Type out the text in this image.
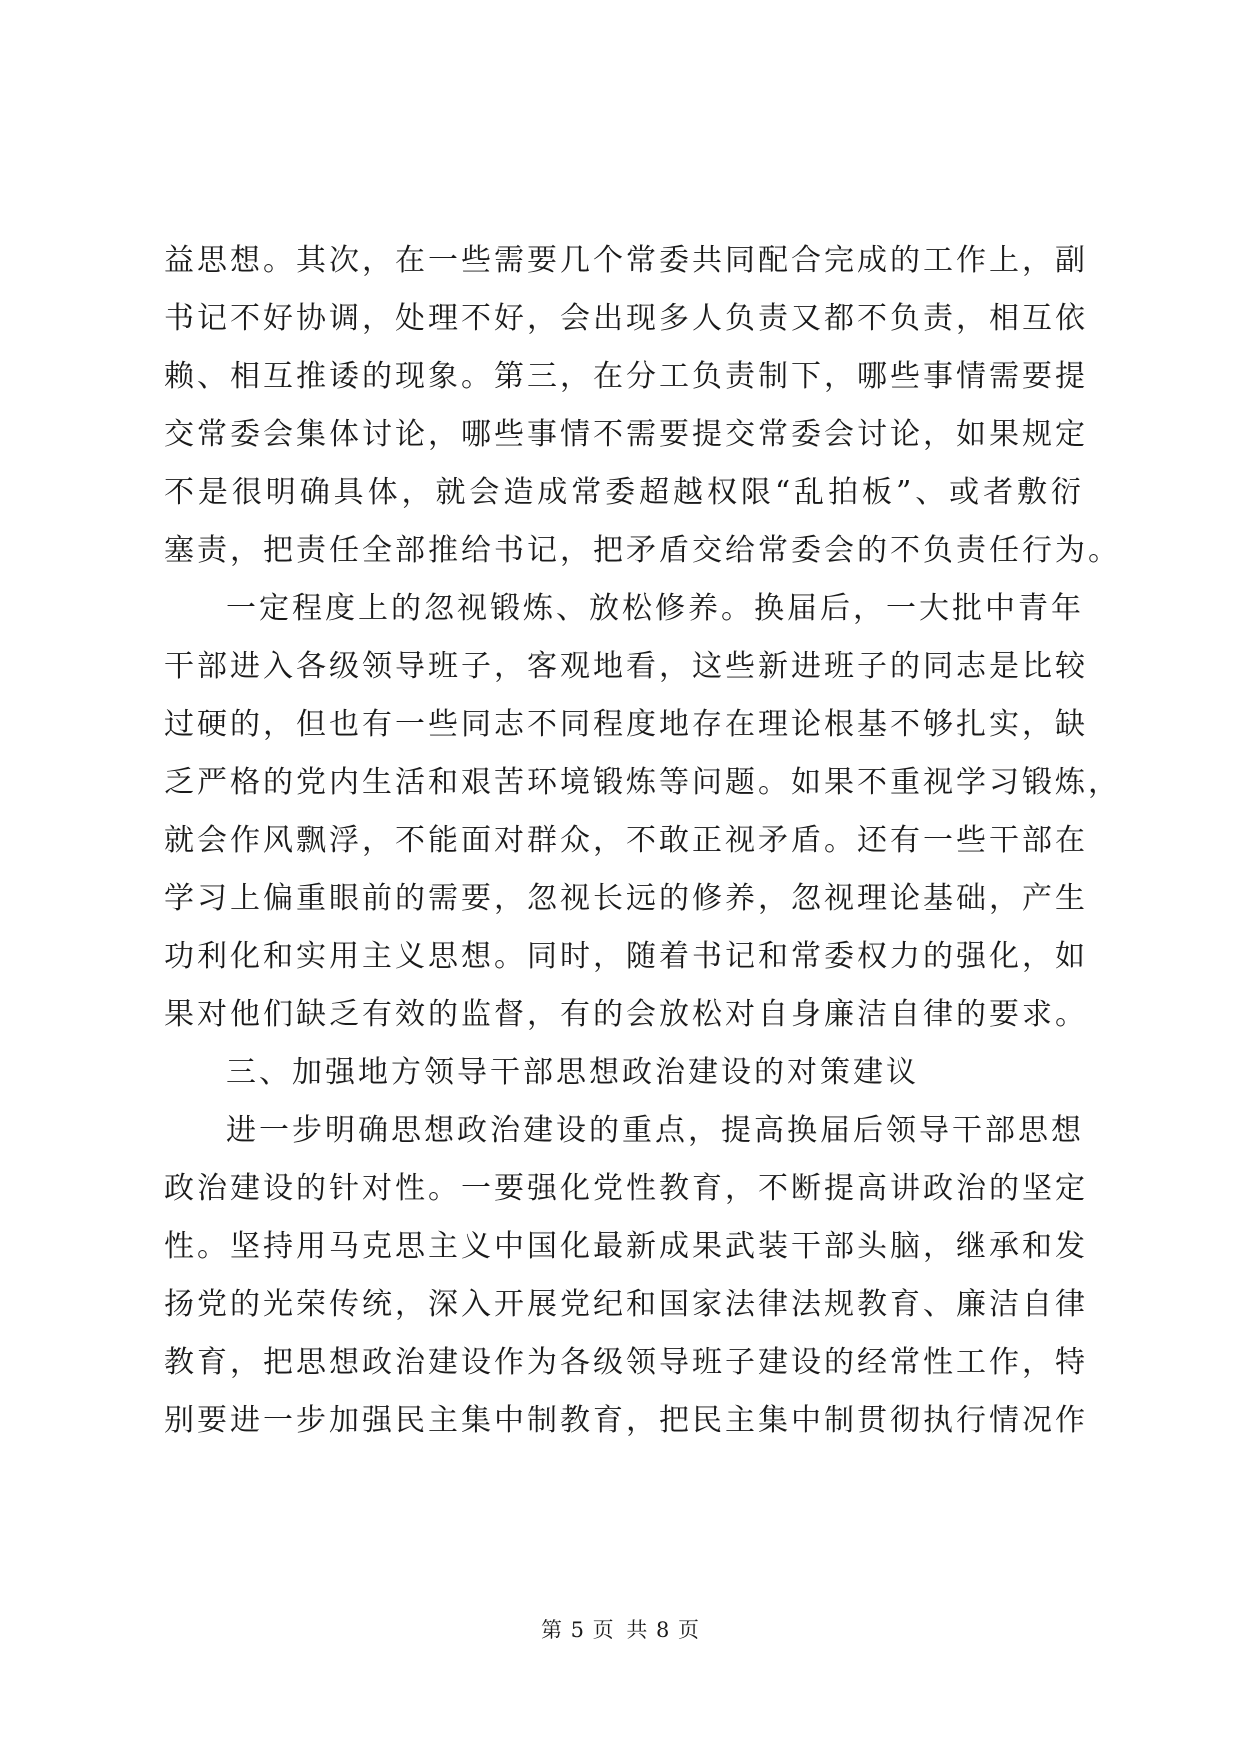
益思想。其次，在一些需要几个常委共同配合完成的工作上，副
书记不好协调，处理不好，会出现多人负责又都不负责，相互依
赖、相互推诿的现象。第三，在分工负责制下，哪些事情需要提
交常委会集体讨论，哪些事情不需要提交常委会讨论，如果规定
不是很明确具体，就会造成常委超越权限“乱拍板”、或者敷衍
塞责，把责任全部推给书记，把矛盾交给常委会的不负责任行为。
一定程度上的忽视锻炼、放松修养。换届后，一大批中青年
干部进入各级领导班子，客观地看，这些新进班子的同志是比较
过硬的，但也有一些同志不同程度地存在理论根基不够扎实，缺
乏严格的党内生活和艰苦环境锻炼等问题。如果不重视学习锻炼，
就会作风飘浮，不能面对群众，不敢正视矛盾。还有一些干部在
学习上偏重眼前的需要，忽视长远的修养，忽视理论基础，产生
功利化和实用主义思想。同时，随着书记和常委权力的强化，如
果对他们缺乏有效的监督，有的会放松对自身廉洁自律的要求。
三、加强地方领导干部思想政治建设的对策建议
进一步明确思想政治建设的重点，提高换届后领导干部思想
政治建设的针对性。一要强化党性教育，不断提高讲政治的坚定
性。坚持用马克思主义中国化最新成果武装干部头脑，继承和发
扬党的光荣传统，深入开展党纪和国家法律法规教育、廉洁自律
教育，把思想政治建设作为各级领导班子建设的经常性工作，特
别要进一步加强民主集中制教育，把民主集中制贯彻执行情况作
第 5 页 共 8 页
